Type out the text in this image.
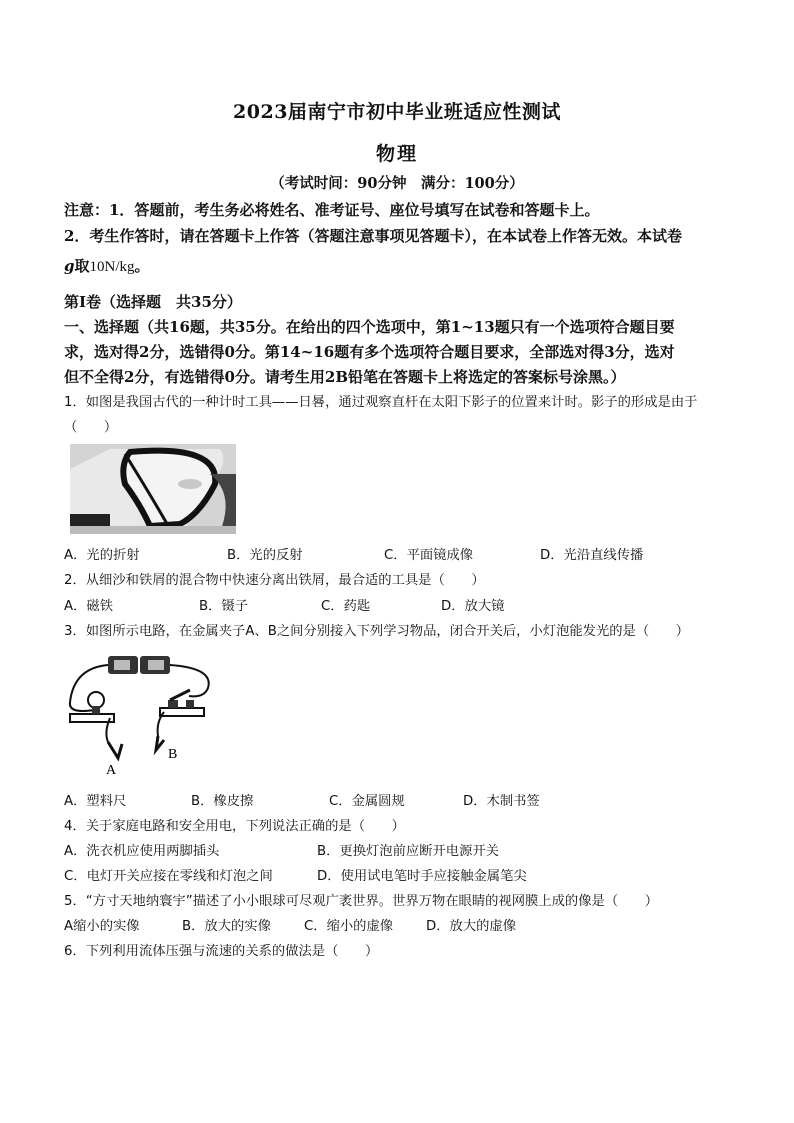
2023届南宁市初中毕业班适应性测试
物理
（考试时间：90分钟　满分：100分）
注意：1．答题前，考生务必将姓名、准考证号、座位号填写在试卷和答题卡上。
2．考生作答时，请在答题卡上作答（答题注意事项见答题卡），在本试卷上作答无效。本试卷
g取10N/kg。
第Ⅰ卷（选择题　共35分）
一、选择题（共16题，共35分。在给出的四个选项中，第1~13题只有一个选项符合题目要
求，选对得2分，选错得0分。第14~16题有多个选项符合题目要求，全部选对得3分，选对
但不全得2分，有选错得0分。请考生用2B铅笔在答题卡上将选定的答案标号涂黑。）
1．如图是我国古代的一种计时工具——日晷，通过观察直杆在太阳下影子的位置来计时。影子的形成是由于
（　　）
A．光的折射	B．光的反射	C．平面镜成像	D．光沿直线传播
2．从细沙和铁屑的混合物中快速分离出铁屑，最合适的工具是（　　）
A．磁铁	B．镊子	C．药匙	D．放大镜
3．如图所示电路，在金属夹子A、B之间分别接入下列学习物品，闭合开关后，小灯泡能发光的是（　　）
A
B
A．塑料尺	B．橡皮擦	C．金属圆规	D．木制书签
4．关于家庭电路和安全用电，下列说法正确的是（　　）
A．洗衣机应使用两脚插头	B．更换灯泡前应断开电源开关
C．电灯开关应接在零线和灯泡之间	D．使用试电笔时手应接触金属笔尖
5．“方寸天地纳寰宇”描述了小小眼球可尽观广袤世界。世界万物在眼睛的视网膜上成的像是（　　）
A缩小的实像	B．放大的实像 C．缩小的虚像 D．放大的虚像
6．下列利用流体压强与流速的关系的做法是（　　）
